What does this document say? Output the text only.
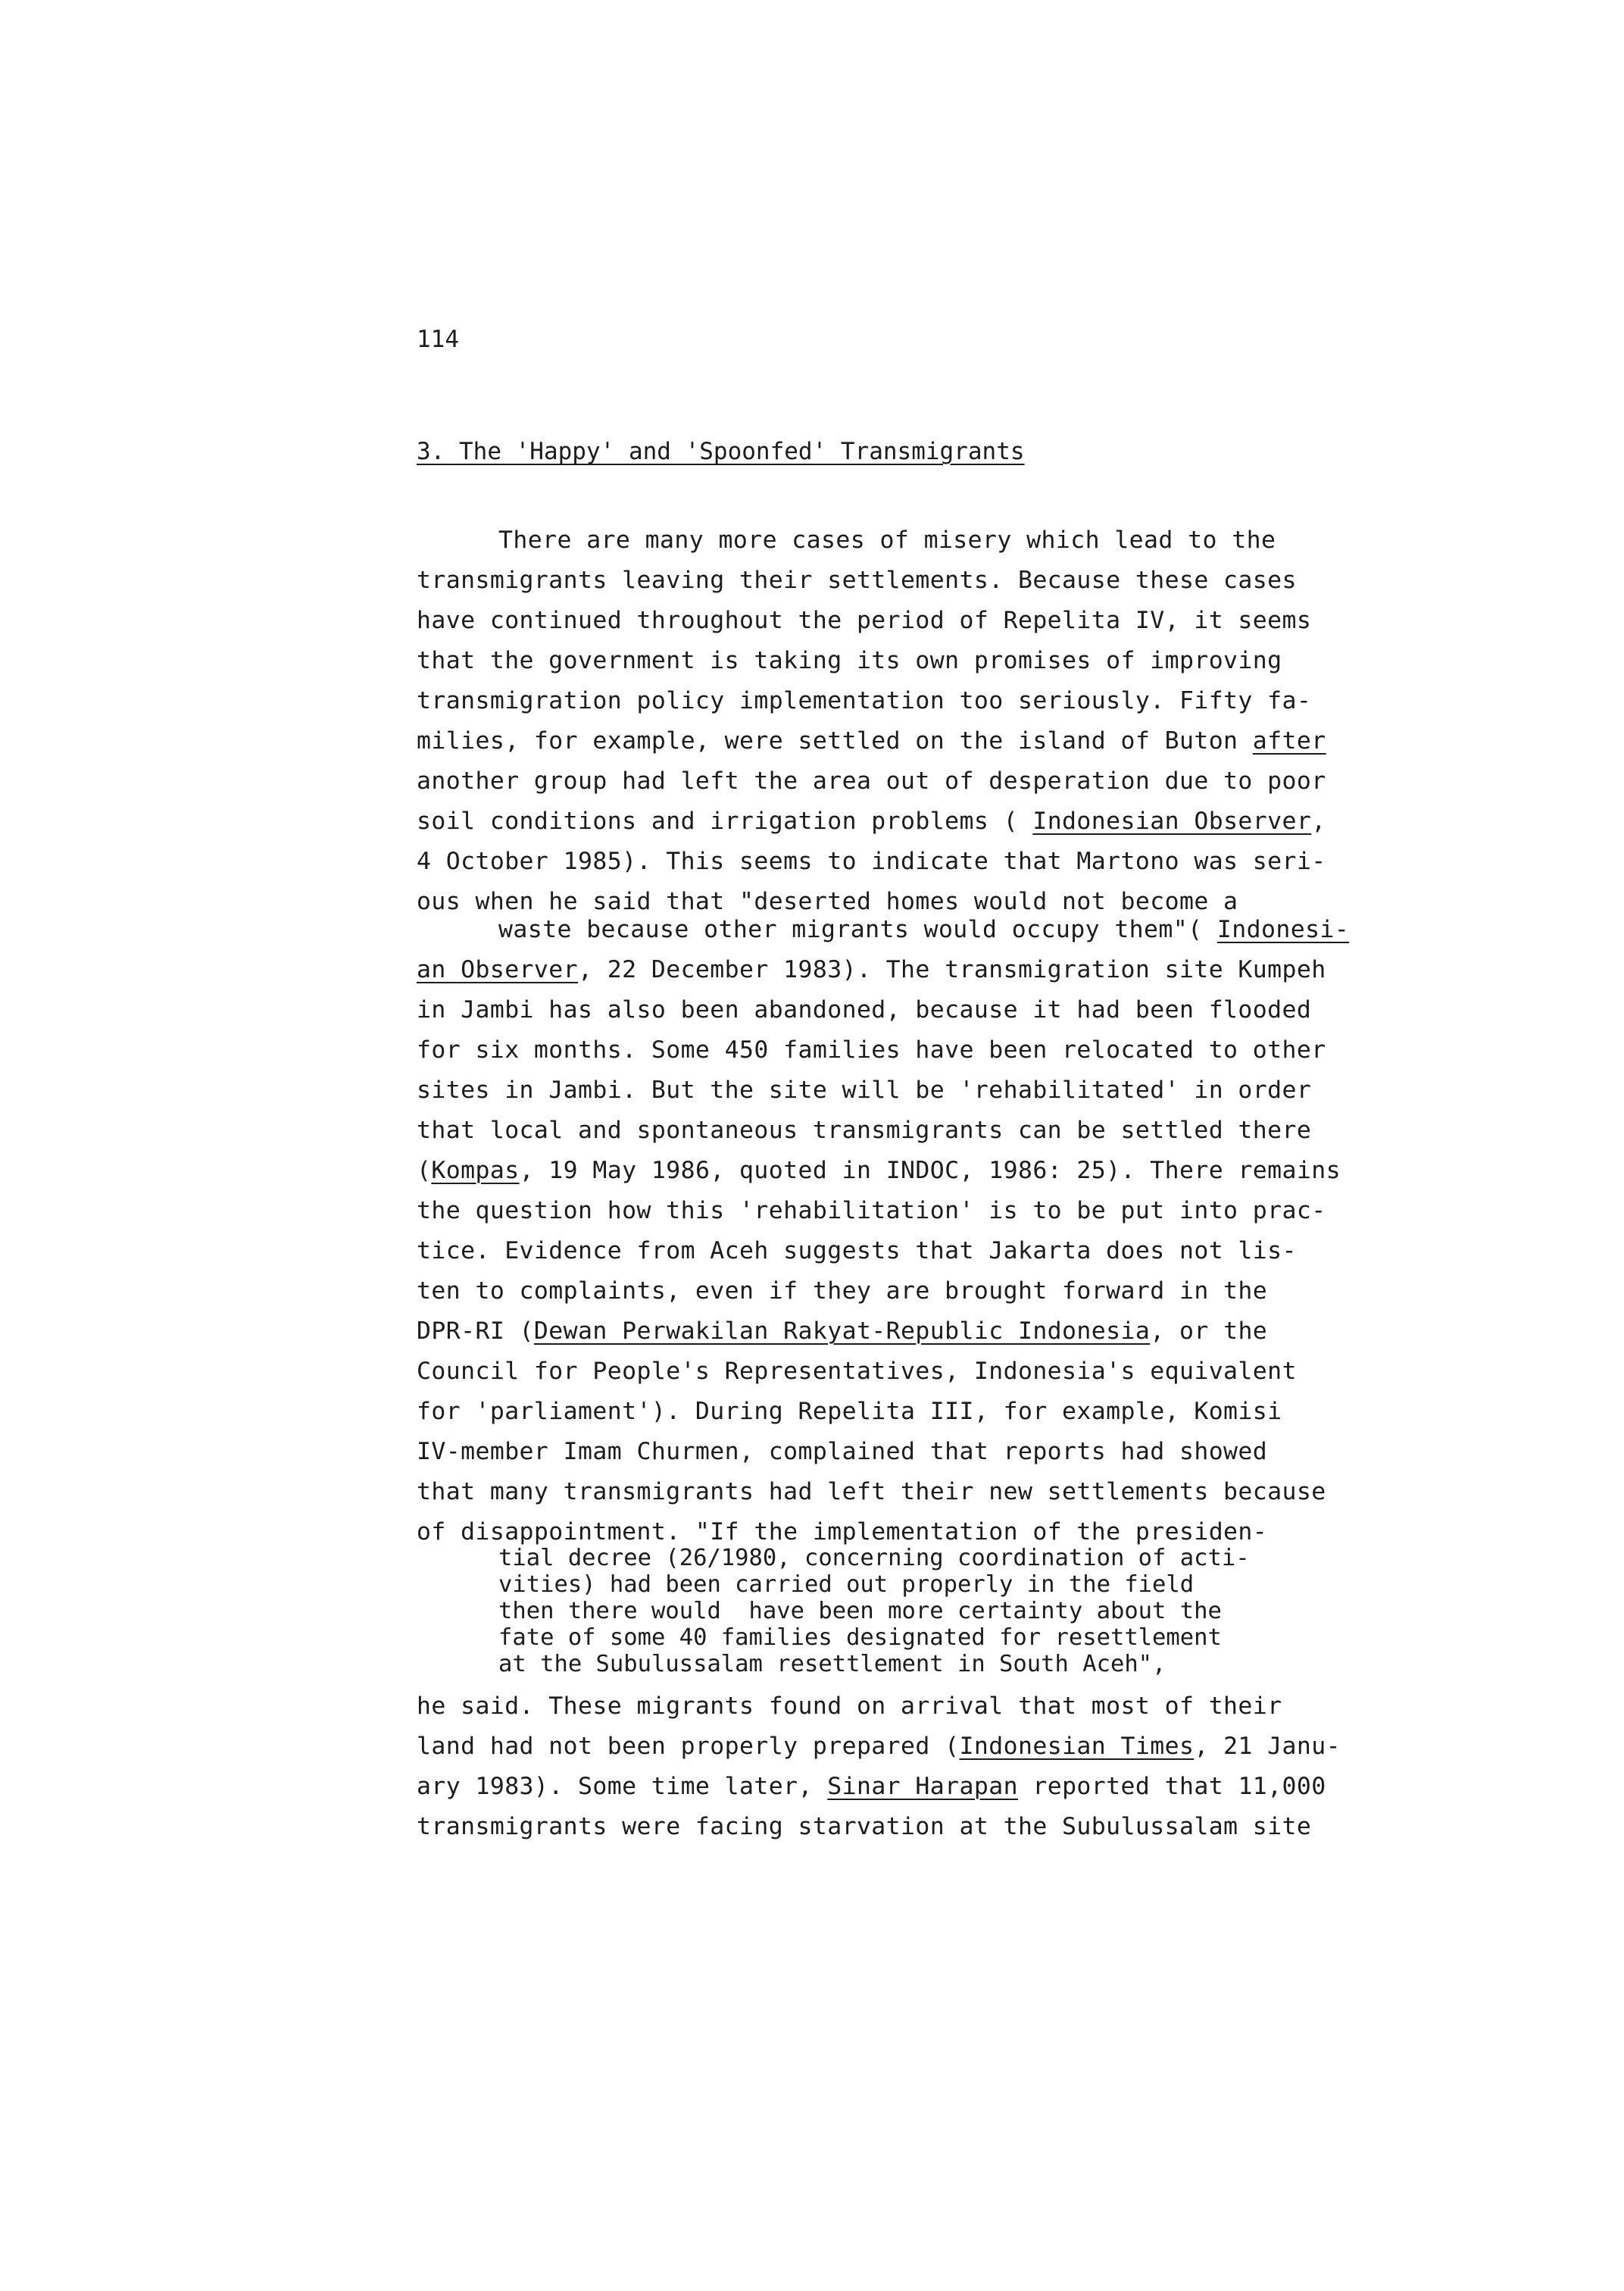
114
3. The 'Happy' and 'Spoonfed' Transmigrants
There are many more cases of misery which lead to the
transmigrants leaving their settlements. Because these cases
have continued throughout the period of Repelita IV, it seems
that the government is taking its own promises of improving
transmigration policy implementation too seriously. Fifty fa-
milies, for example, were settled on the island of Buton after
another group had left the area out of desperation due to poor
soil conditions and irrigation problems ( Indonesian Observer,
4 October 1985). This seems to indicate that Martono was seri-
ous when he said that "deserted homes would not become a
waste because other migrants would occupy them"( Indonesi-
an Observer, 22 December 1983). The transmigration site Kumpeh
in Jambi has also been abandoned, because it had been flooded
for six months. Some 450 families have been relocated to other
sites in Jambi. But the site will be 'rehabilitated' in order
that local and spontaneous transmigrants can be settled there
(Kompas, 19 May 1986, quoted in INDOC, 1986: 25). There remains
the question how this 'rehabilitation' is to be put into prac-
tice. Evidence from Aceh suggests that Jakarta does not lis-
ten to complaints, even if they are brought forward in the
DPR-RI (Dewan Perwakilan Rakyat-Republic Indonesia, or the
Council for People's Representatives, Indonesia's equivalent
for 'parliament'). During Repelita III, for example, Komisi
IV-member Imam Churmen, complained that reports had showed
that many transmigrants had left their new settlements because
of disappointment. "If the implementation of the presiden-
tial decree (26/1980, concerning coordination of acti-
vities) had been carried out properly in the field
then there would  have been more certainty about the
fate of some 40 families designated for resettlement
at the Subulussalam resettlement in South Aceh",
he said. These migrants found on arrival that most of their
land had not been properly prepared (Indonesian Times, 21 Janu-
ary 1983). Some time later, Sinar Harapan reported that 11,000
transmigrants were facing starvation at the Subulussalam site
